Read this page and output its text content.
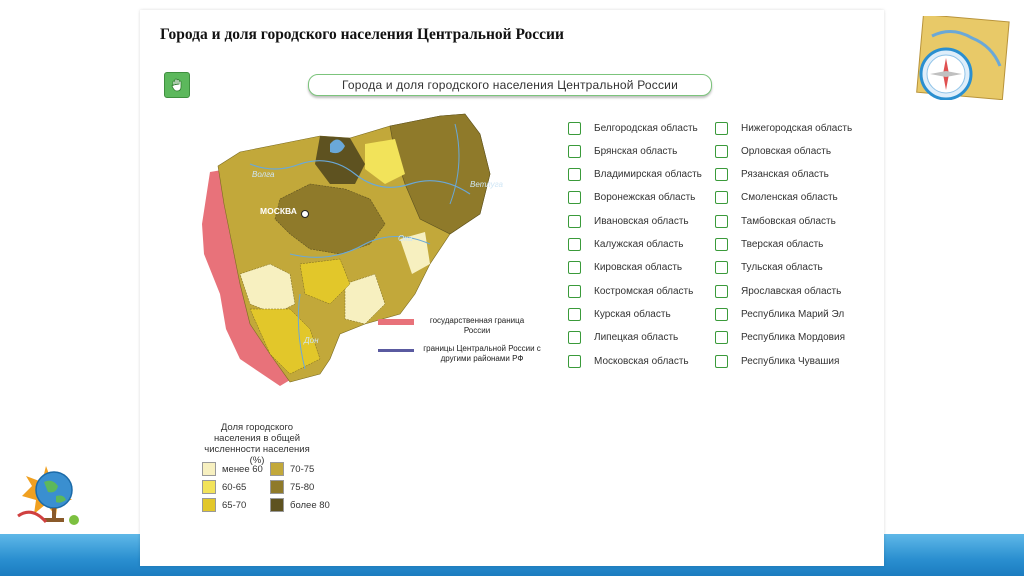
Города и доля городского населения Центральной России
Города и доля городского населения Центральной России
МОСКВА
Волга
Ока
Дон
Ветлуга
государственная граница России
границы Центральной России с другими районами РФ
Белгородская область
Брянская область
Владимирская область
Воронежская область
Ивановская область
Калужская область
Кировская область
Костромская область
Курская область
Липецкая область
Московская область
Нижегородская область
Орловская область
Рязанская область
Смоленская область
Тамбовская область
Тверская область
Тульская область
Ярославская область
Республика Марий Эл
Республика Мордовия
Республика Чувашия
Доля городского населения в общей численности населения (%)
менее 60
60-65
65-70
70-75
75-80
более 80
